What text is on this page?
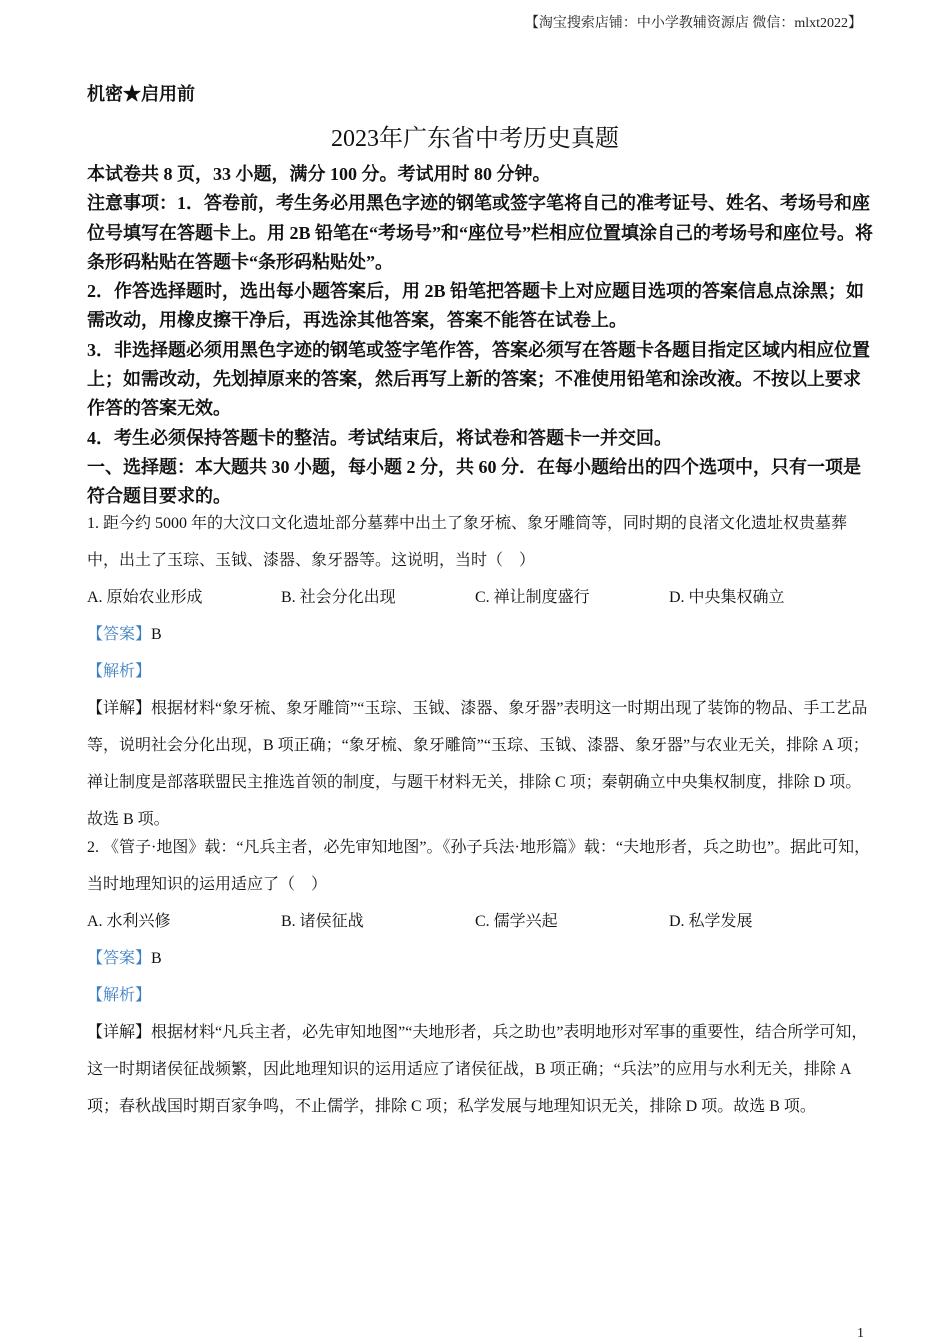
【淘宝搜索店铺：中小学教辅资源店 微信：mlxt2022】
机密★启用前
2023年广东省中考历史真题

本试卷共 8 页，33 小题，满分 100 分。考试用时 80 分钟。

注意事项：1．答卷前，考生务必用黑色字迹的钢笔或签字笔将自己的准考证号、姓名、考场号和座位号填写在答题卡上。用 2B 铅笔在“考场号”和“座位号”栏相应位置填涂自己的考场号和座位号。将条形码粘贴在答题卡“条形码粘贴处”。

2．作答选择题时，选出每小题答案后，用 2B 铅笔把答题卡上对应题目选项的答案信息点涂黑；如需改动，用橡皮擦干净后，再选涂其他答案，答案不能答在试卷上。

3．非选择题必须用黑色字迹的钢笔或签字笔作答，答案必须写在答题卡各题目指定区域内相应位置上；如需改动，先划掉原来的答案，然后再写上新的答案；不准使用铅笔和涂改液。不按以上要求作答的答案无效。

4．考生必须保持答题卡的整洁。考试结束后，将试卷和答题卡一并交回。

一、选择题：本大题共 30 小题，每小题 2 分，共 60 分．在每小题给出的四个选项中，只有一项是符合题目要求的。

1. 距今约 5000 年的大汶口文化遗址部分墓葬中出土了象牙梳、象牙雕筒等，同时期的良渚文化遗址权贵墓葬中，出土了玉琮、玉钺、漆器、象牙器等。这说明，当时（　）

A. 原始农业形成	B. 社会分化出现	C. 禅让制度盛行	D. 中央集权确立

【答案】B

【解析】

【详解】根据材料“象牙梳、象牙雕筒”“玉琮、玉钺、漆器、象牙器”表明这一时期出现了装饰的物品、手工艺品等，说明社会分化出现，B 项正确；“象牙梳、象牙雕筒”“玉琮、玉钺、漆器、象牙器”与农业无关，排除 A 项；禅让制度是部落联盟民主推选首领的制度，与题干材料无关，排除 C 项；秦朝确立中央集权制度，排除 D 项。故选 B 项。

2. 《管子·地图》载：“凡兵主者，必先审知地图”。《孙子兵法·地形篇》载：“夫地形者，兵之助也”。据此可知，当时地理知识的运用适应了（　）

A. 水利兴修	B. 诸侯征战	C. 儒学兴起	D. 私学发展

【答案】B

【解析】

【详解】根据材料“凡兵主者，必先审知地图”“夫地形者，兵之助也”表明地形对军事的重要性，结合所学可知，这一时期诸侯征战频繁，因此地理知识的运用适应了诸侯征战，B 项正确；“兵法”的应用与水利无关，排除 A 项；春秋战国时期百家争鸣，不止儒学，排除 C 项；私学发展与地理知识无关，排除 D 项。故选 B 项。

1
